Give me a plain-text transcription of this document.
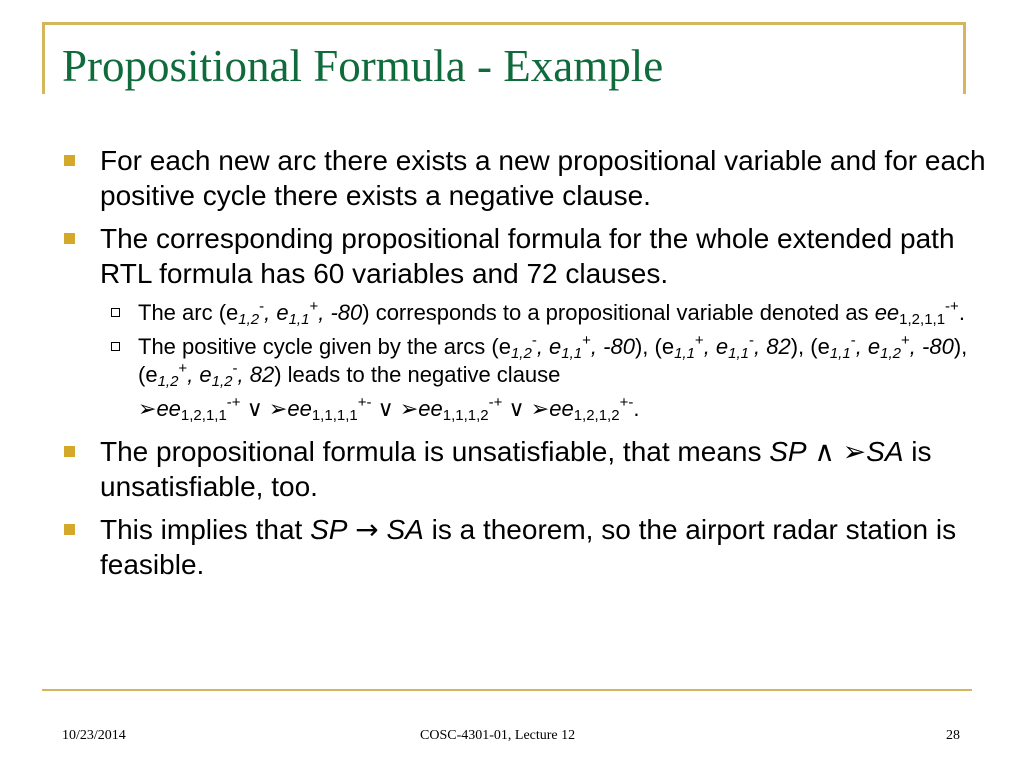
Propositional Formula - Example
For each new arc there exists a new propositional variable and for each positive cycle there exists a negative clause.
The corresponding propositional formula for the whole extended path RTL formula has 60 variables and 72 clauses.
The arc ($e_{1,2}^-$, $e_{1,1}^+$, -80) corresponds to a propositional variable denoted as $ee_{1,2,1,1}^{-+}$.
The positive cycle given by the arcs ($e_{1,2}^-$, $e_{1,1}^+$, -80), ($e_{1,1}^+$, $e_{1,1}^-$, 82), ($e_{1,1}^-$, $e_{1,2}^+$, -80), ($e_{1,2}^+$, $e_{1,2}^-$, 82) leads to the negative clause
$➢ee_{1,2,1,1}^{-+}$ ∨ $➢ee_{1,1,1,1}^{+-}$ ∨ $➢ee_{1,1,1,2}^{-+}$ ∨ $➢ee_{1,2,1,2}^{+-}$.
The propositional formula is unsatisfiable, that means SP ∧ ➢SA is unsatisfiable, too.
This implies that SP → SA is a theorem, so the airport radar station is feasible.
10/23/2014	COSC-4301-01, Lecture 12	28
